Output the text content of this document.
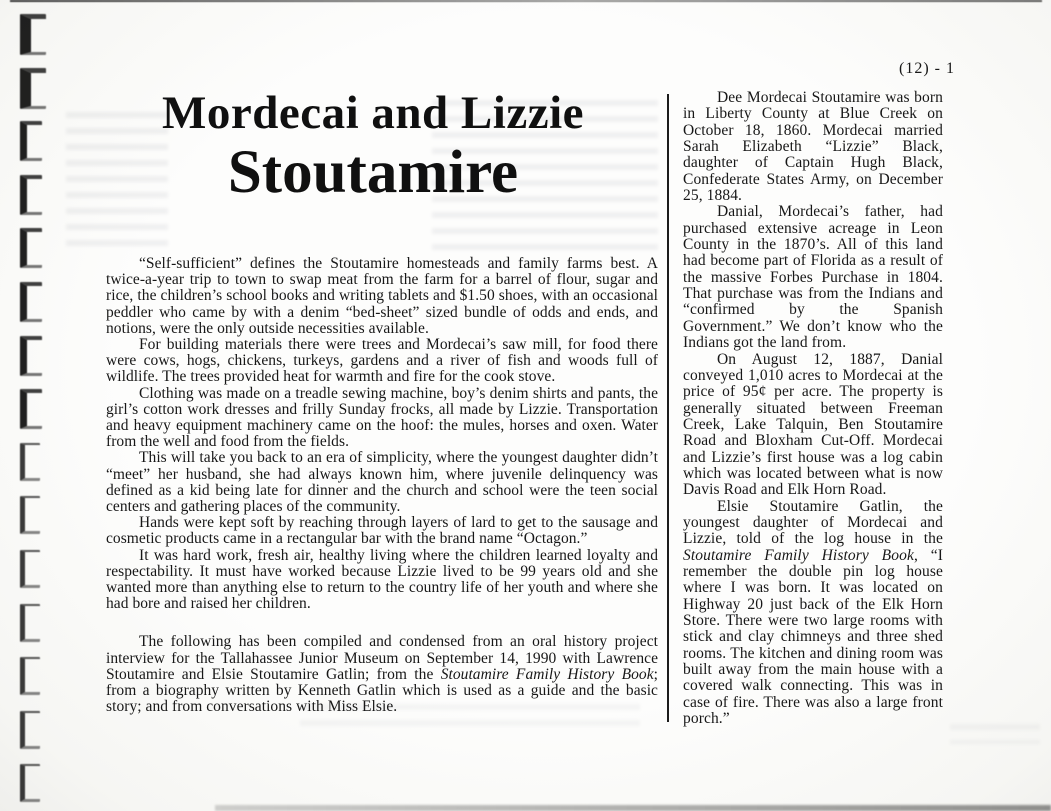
(12) - 1
Mordecai and Lizzie
Stoutamire

“Self-sufficient” defines the Stoutamire homesteads and family farms best. A twice-a-year trip to town to swap meat from the farm for a barrel of flour, sugar and rice, the children’s school books and writing tablets and $1.50 shoes, with an occasional peddler who came by with a denim “bed-sheet” sized bundle of odds and ends, and notions, were the only outside necessities available.

For building materials there were trees and Mordecai’s saw mill, for food there were cows, hogs, chickens, turkeys, gardens and a river of fish and woods full of wildlife. The trees provided heat for warmth and fire for the cook stove.

Clothing was made on a treadle sewing machine, boy’s denim shirts and pants, the girl’s cotton work dresses and frilly Sunday frocks, all made by Lizzie. Transportation and heavy equipment machinery came on the hoof: the mules, horses and oxen. Water from the well and food from the fields.

This will take you back to an era of simplicity, where the youngest daughter didn’t “meet” her husband, she had always known him, where juvenile delinquency was defined as a kid being late for dinner and the church and school were the teen social centers and gathering places of the community.

Hands were kept soft by reaching through layers of lard to get to the sausage and cosmetic products came in a rectangular bar with the brand name “Octagon.”

It was hard work, fresh air, healthy living where the children learned loyalty and respectability. It must have worked because Lizzie lived to be 99 years old and she wanted more than anything else to return to the country life of her youth and where she had bore and raised her children.

The following has been compiled and condensed from an oral history project interview for the Tallahassee Junior Museum on September 14, 1990 with Lawrence Stoutamire and Elsie Stoutamire Gatlin; from the Stoutamire Family History Book; from a biography written by Kenneth Gatlin which is used as a guide and the basic story; and from conversations with Miss Elsie.

Dee Mordecai Stoutamire was born in Liberty County at Blue Creek on October 18, 1860. Mordecai married Sarah Elizabeth “Lizzie” Black, daughter of Captain Hugh Black, Confederate States Army, on December 25, 1884.

Danial, Mordecai’s father, had purchased extensive acreage in Leon County in the 1870’s. All of this land had become part of Florida as a result of the massive Forbes Purchase in 1804. That purchase was from the Indians and “confirmed by the Spanish Government.” We don’t know who the Indians got the land from.

On August 12, 1887, Danial conveyed 1,010 acres to Mordecai at the price of 95¢ per acre. The property is generally situated between Freeman Creek, Lake Talquin, Ben Stoutamire Road and Bloxham Cut-Off. Mordecai and Lizzie’s first house was a log cabin which was located between what is now Davis Road and Elk Horn Road.

Elsie Stoutamire Gatlin, the youngest daughter of Mordecai and Lizzie, told of the log house in the Stoutamire Family History Book, “I remember the double pin log house where I was born. It was located on Highway 20 just back of the Elk Horn Store. There were two large rooms with stick and clay chimneys and three shed rooms. The kitchen and dining room was built away from the main house with a covered walk connecting. This was in case of fire. There was also a large front porch.”
